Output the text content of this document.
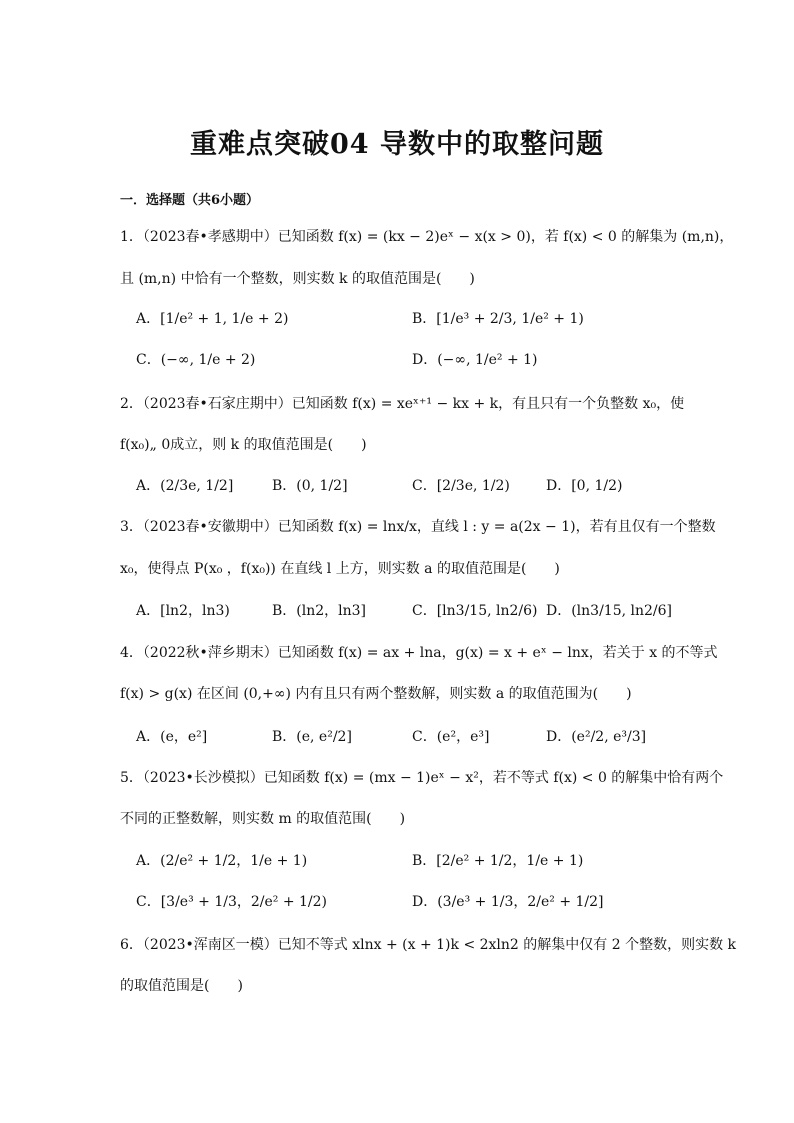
重难点突破04 导数中的取整问题
一．选择题（共6小题）
1．（2023春•孝感期中）已知函数 f(x) = (kx − 2)eˣ − x(x > 0)，若 f(x) < 0 的解集为 (m,n)，
且 (m,n) 中恰有一个整数，则实数 k 的取值范围是(　　)
A．[1/e² + 1, 1/e + 2)	B．[1/e³ + 2/3, 1/e² + 1)
C．(−∞, 1/e + 2)	D．(−∞, 1/e² + 1)
2．（2023春•石家庄期中）已知函数 f(x) = xeˣ⁺¹ − kx + k，有且只有一个负整数 x₀，使
f(x₀)„ 0成立，则 k 的取值范围是(　　)
A．(2/3e, 1/2]	B．(0, 1/2]	C．[2/3e, 1/2)	D．[0, 1/2)
3．（2023春•安徽期中）已知函数 f(x) = lnx/x，直线 l : y = a(2x − 1)，若有且仅有一个整数
x₀，使得点 P(x₀ ，f(x₀)) 在直线 l 上方，则实数 a 的取值范围是(　　)
A．[ln2，ln3)	B．(ln2，ln3]	C．[ln3/15, ln2/6) D．(ln3/15, ln2/6]
4．（2022秋•萍乡期末）已知函数 f(x) = ax + lna，g(x) = x + eˣ − lnx，若关于 x 的不等式
f(x) > g(x) 在区间 (0,+∞) 内有且只有两个整数解，则实数 a 的取值范围为(　　)
A．(e，e²]	B．(e, e²/2]	C．(e²，e³]	D．(e²/2, e³/3]
5．（2023•长沙模拟）已知函数 f(x) = (mx − 1)eˣ − x²，若不等式 f(x) < 0 的解集中恰有两个
不同的正整数解，则实数 m 的取值范围(　　)
A．(2/e² + 1/2，1/e + 1)	B．[2/e² + 1/2，1/e + 1)
C．[3/e³ + 1/3，2/e² + 1/2)	D．(3/e³ + 1/3，2/e² + 1/2]
6．（2023•浑南区一模）已知不等式 xlnx + (x + 1)k < 2xln2 的解集中仅有 2 个整数，则实数 k
的取值范围是(　　)
